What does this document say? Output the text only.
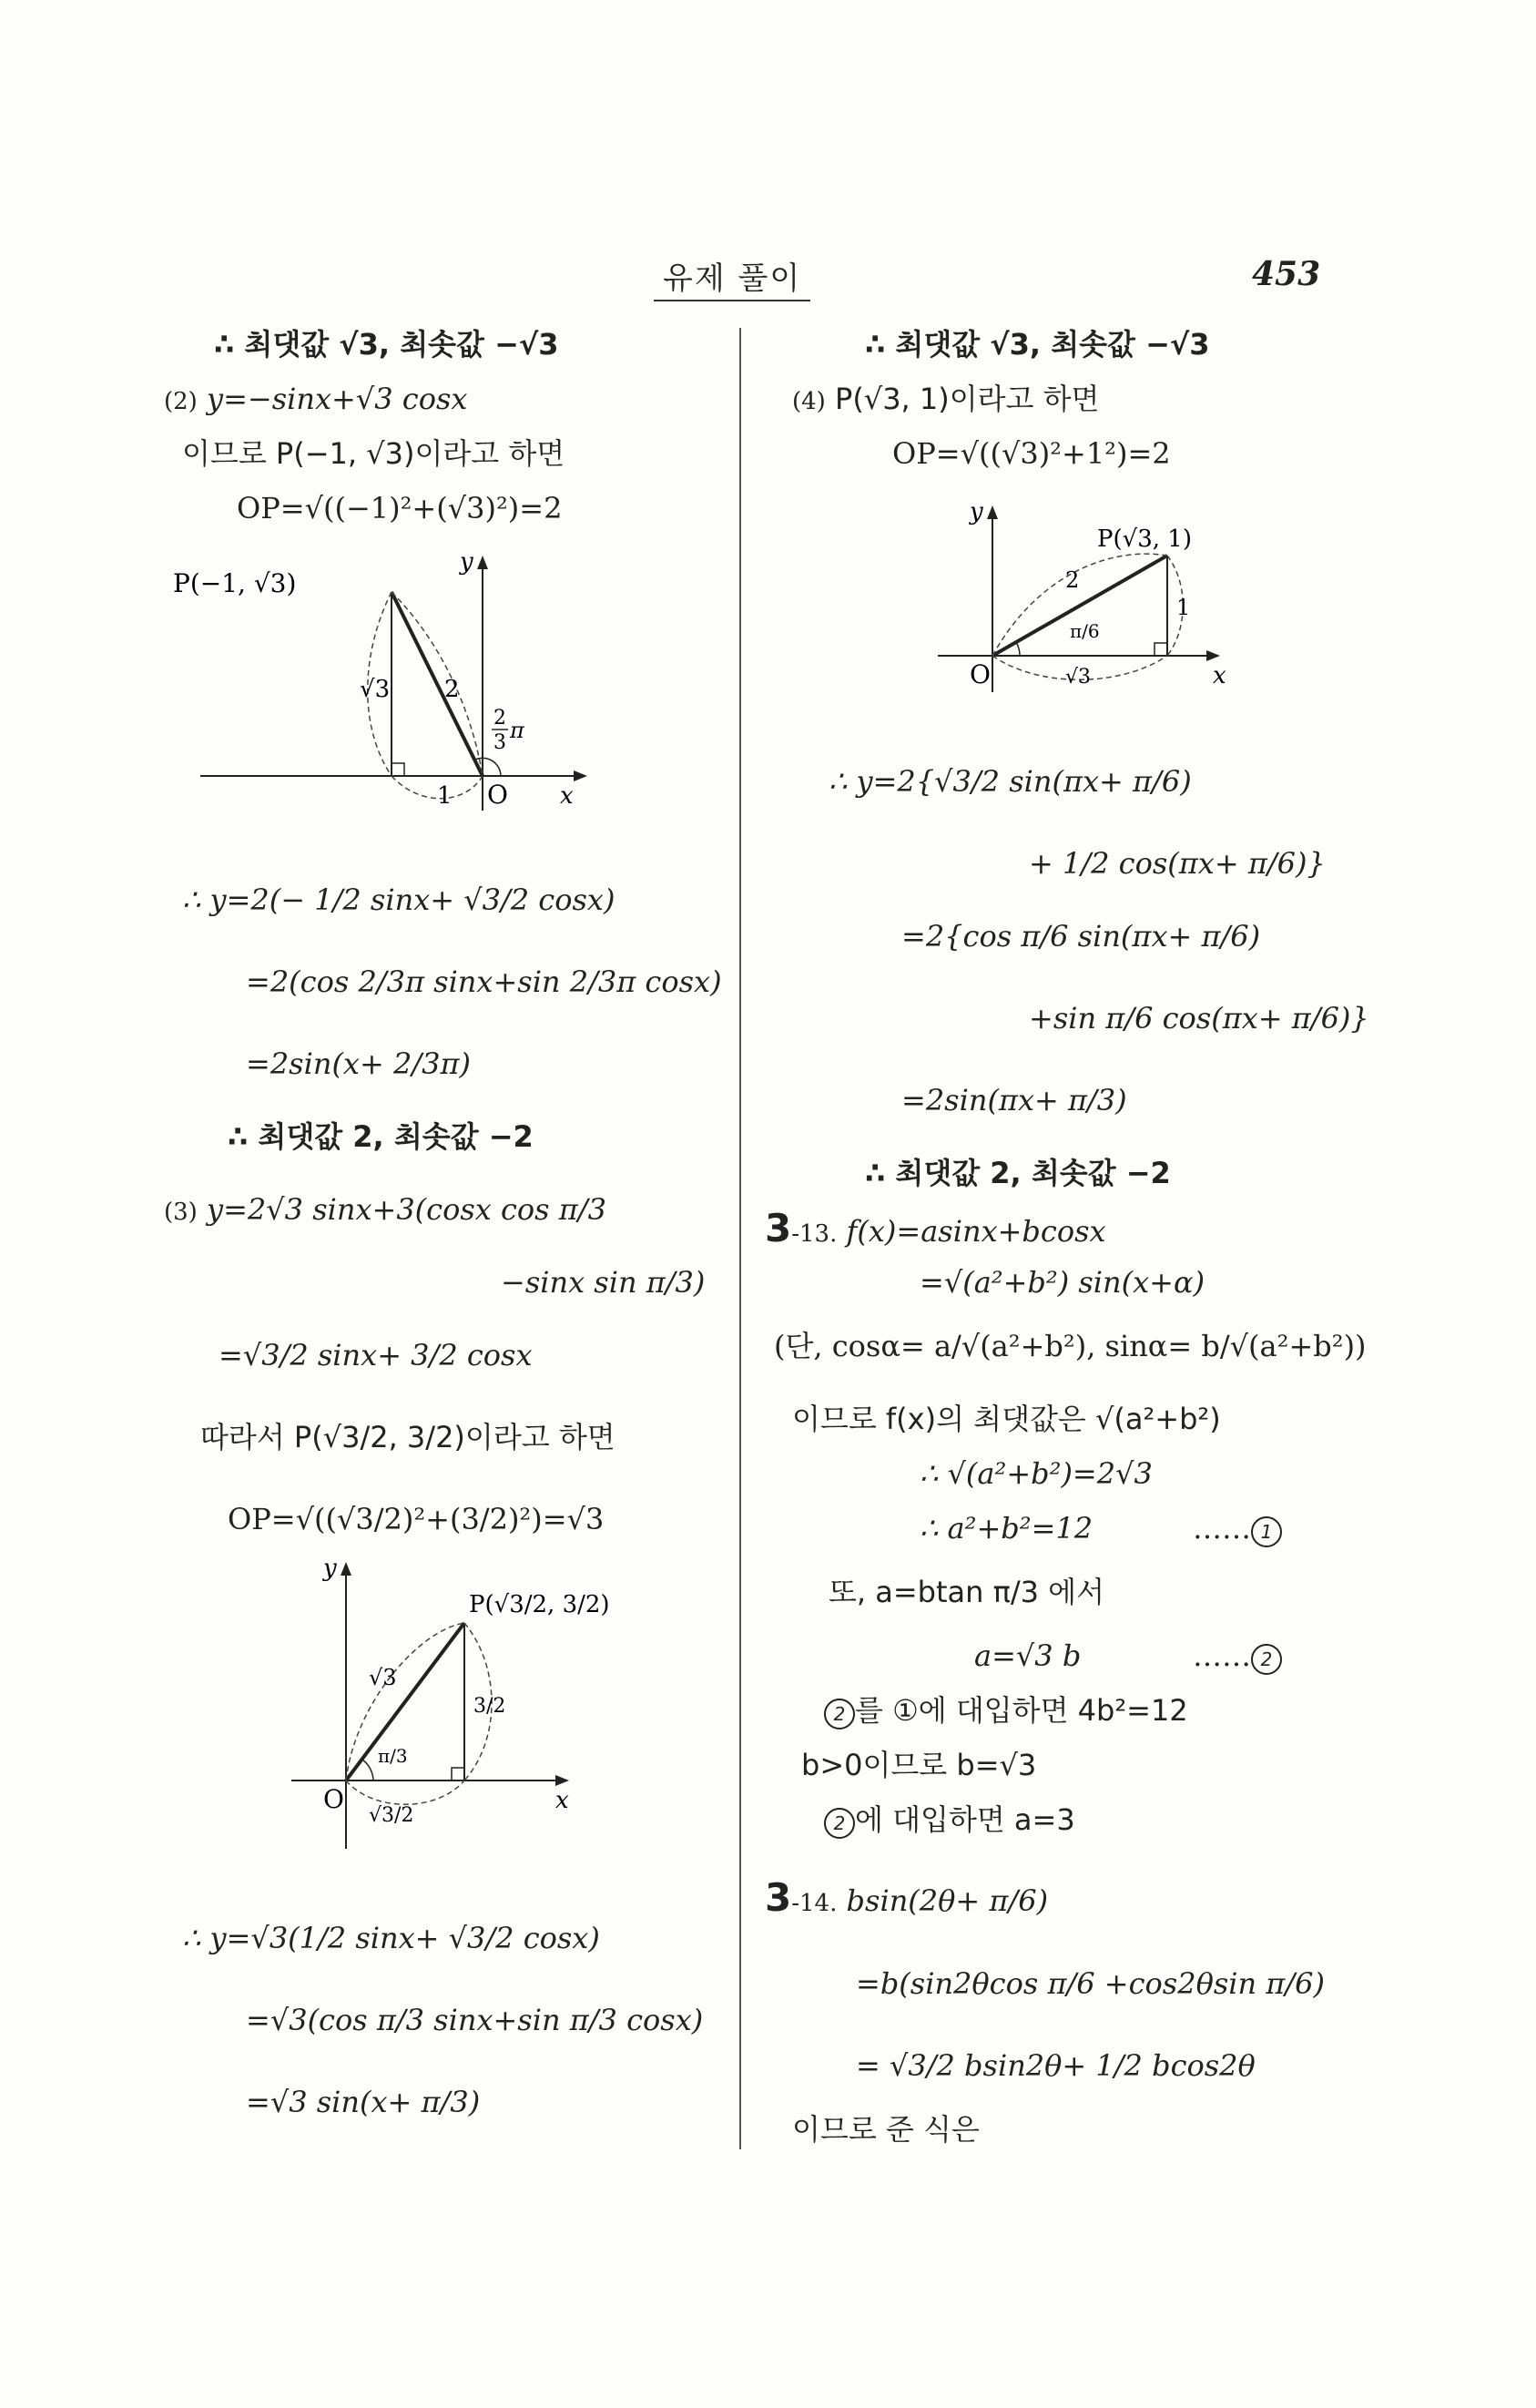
유제 풀이	453
∴ 최댓값 √3, 최솟값 −√3
(2) y=−sinx+√3 cosx
이므로 P(−1, √3)이라고 하면
OP=√((−1)²+(√3)²)=2
P(−1, √3)
√3 2
1 O x
y
2
3 π
∴ y=2(− 1/2 sinx+ √3/2 cosx)
=2(cos 2/3π sinx+sin 2/3π cosx)
=2sin(x+ 2/3π)
∴ 최댓값 2, 최솟값 −2
(3) y=2√3 sinx+3(cosx cos π/3
−sinx sin π/3)
=√3/2 sinx+ 3/2 cosx
따라서 P(√3/2, 3/2)이라고 하면
OP=√((√3/2)²+(3/2)²)=√3
P(√3/2, 3/2)
√3
3/2
√3/2
π/3
O	x
y
∴ y=√3(1/2 sinx+ √3/2 cosx)
=√3(cos π/3 sinx+sin π/3 cosx)
=√3 sin(x+ π/3)
∴ 최댓값 √3, 최솟값 −√3
(4) P(√3, 1)이라고 하면
OP=√((√3)²+1²)=2
P(√3, 1)
2
1
√3
π/6
O	x
y
∴ y=2{√3/2 sin(πx+ π/6)
+ 1/2 cos(πx+ π/6)}
=2{cos π/6 sin(πx+ π/6)
+sin π/6 cos(πx+ π/6)}
=2sin(πx+ π/3)
∴ 최댓값 2, 최솟값 −2
3-13. f(x)=asinx+bcosx
=√(a²+b²) sin(x+α)
(단, cosα= a/√(a²+b²), sinα= b/√(a²+b²))
이므로 f(x)의 최댓값은 √(a²+b²)
∴ √(a²+b²)=2√3
∴ a²+b²=12	…… 1
또, a=btan π/3 에서
a=√3 b	…… 2
2 를 ①에 대입하면 4b²=12
b>0이므로 b=√3
2 에 대입하면 a=3
3-14. bsin(2θ+ π/6)
=b(sin2θcos π/6 +cos2θsin π/6)
= √3/2 bsin2θ+ 1/2 bcos2θ
이므로 준 식은
